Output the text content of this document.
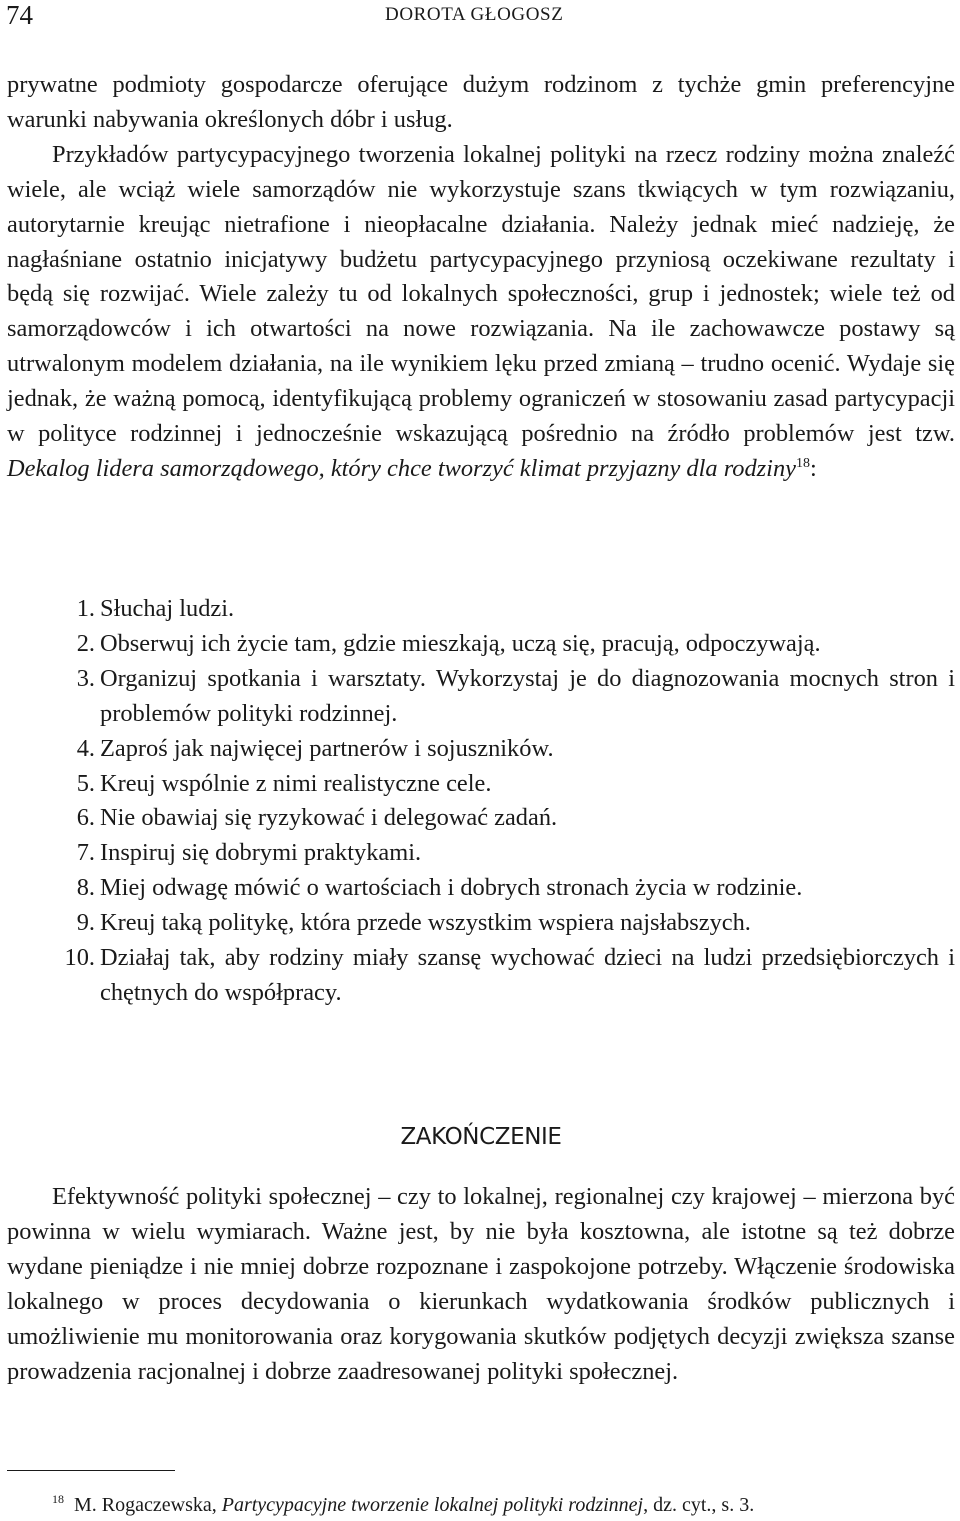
74	DOROTA GŁOGOSZ

prywatne podmioty gospodarcze oferujące dużym rodzinom z tychże gmin preferencyjne warunki nabywania określonych dóbr i usług.

Przykładów partycypacyjnego tworzenia lokalnej polityki na rzecz rodziny można znaleźć wiele, ale wciąż wiele samorządów nie wykorzystuje szans tkwiących w tym rozwiązaniu, autorytarnie kreując nietrafione i nieopłacalne działania. Należy jednak mieć nadzieję, że nagłaśniane ostatnio inicjatywy budżetu partycypacyjnego przyniosą oczekiwane rezultaty i będą się rozwijać. Wiele zależy tu od lokalnych społeczności, grup i jednostek; wiele też od samorządowców i ich otwartości na nowe rozwiązania. Na ile zachowawcze postawy są utrwalonym modelem działania, na ile wynikiem lęku przed zmianą – trudno ocenić. Wydaje się jednak, że ważną pomocą, identyfikującą problemy ograniczeń w stosowaniu zasad partycypacji w polityce rodzinnej i jednocześnie wskazującą pośrednio na źródło problemów jest tzw. Dekalog lidera samorządowego, który chce tworzyć klimat przyjazny dla rodziny$^{18}$:

1. Słuchaj ludzi.
2. Obserwuj ich życie tam, gdzie mieszkają, uczą się, pracują, odpoczywają.
3. Organizuj spotkania i warsztaty. Wykorzystaj je do diagnozowania mocnych stron i problemów polityki rodzinnej.
4. Zaproś jak najwięcej partnerów i sojuszników.
5. Kreuj wspólnie z nimi realistyczne cele.
6. Nie obawiaj się ryzykować i delegować zadań.
7. Inspiruj się dobrymi praktykami.
8. Miej odwagę mówić o wartościach i dobrych stronach życia w rodzinie.
9. Kreuj taką politykę, która przede wszystkim wspiera najsłabszych.
10. Działaj tak, aby rodziny miały szansę wychować dzieci na ludzi przedsiębiorczych i chętnych do współpracy.
ZAKOŃCZENIE

Efektywność polityki społecznej – czy to lokalnej, regionalnej czy krajowej – mierzona być powinna w wielu wymiarach. Ważne jest, by nie była kosztowna, ale istotne są też dobrze wydane pieniądze i nie mniej dobrze rozpoznane i zaspokojone potrzeby. Włączenie środowiska lokalnego w proces decydowania o kierunkach wydatkowania środków publicznych i umożliwienie mu monitorowania oraz korygowania skutków podjętych decyzji zwiększa szanse prowadzenia racjonalnej i dobrze zaadresowanej polityki społecznej.

$^{18}$ M. Rogaczewska, Partycypacyjne tworzenie lokalnej polityki rodzinnej, dz. cyt., s. 3.
